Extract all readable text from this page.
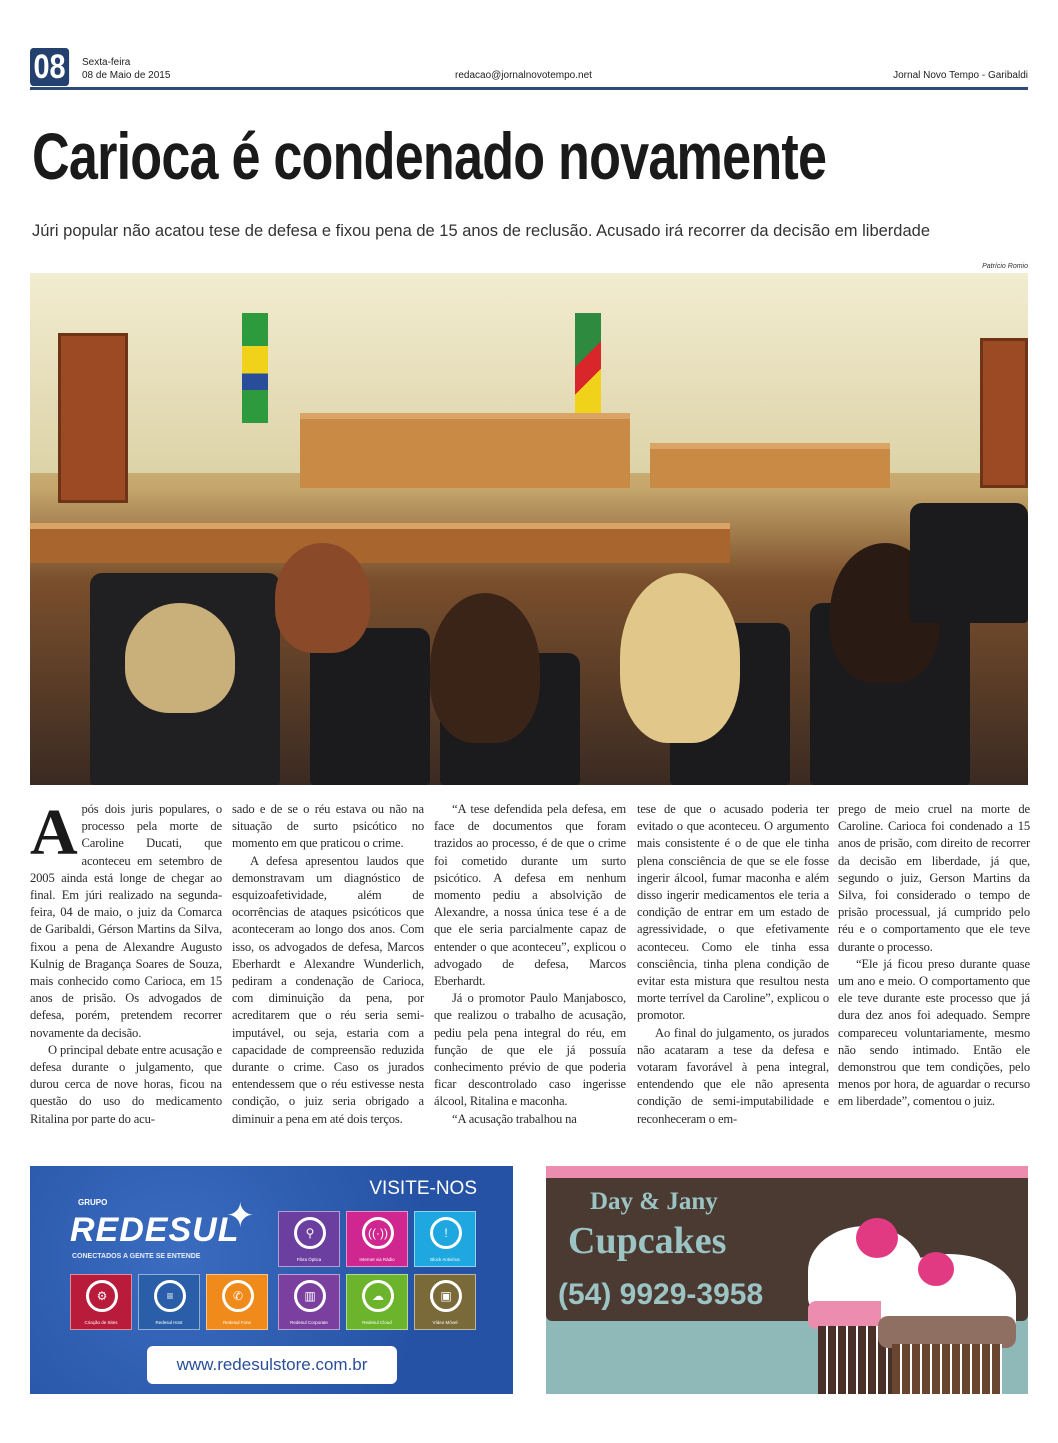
08	Sexta-feira
08 de Maio de 2015	redacao@jornalnovotempo.net	Jornal Novo Tempo - Garibaldi
Carioca é condenado novamente
Júri popular não acatou tese de defesa e fixou pena de 15 anos de reclusão. Acusado irá recorrer da decisão em liberdade
Patrício Romio

Após dois juris populares, o processo pela morte de Caroline Ducati, que aconteceu em setembro de 2005 ainda está longe de chegar ao final. Em júri realizado na segunda-feira, 04 de maio, o juiz da Comarca de Garibaldi, Gérson Martins da Silva, fixou a pena de Alexandre Augusto Kulnig de Bragança Soares de Souza, mais conhecido como Carioca, em 15 anos de prisão. Os advogados de defesa, porém, pretendem recorrer novamente da decisão.

O principal debate entre acusação e defesa durante o julgamento, que durou cerca de nove horas, ficou na questão do uso do medicamento Ritalina por parte do acu-

sado e de se o réu estava ou não na situação de surto psicótico no momento em que praticou o crime.

A defesa apresentou laudos que demonstravam um diagnóstico de esquizoafetividade, além de ocorrências de ataques psicóticos que aconteceram ao longo dos anos. Com isso, os advogados de defesa, Marcos Eberhardt e Alexandre Wunderlich, pediram a condenação de Carioca, com diminuição da pena, por acreditarem que o réu seria semi-imputável, ou seja, estaria com a capacidade de compreensão reduzida durante o crime. Caso os jurados entendessem que o réu estivesse nesta condição, o juiz seria obrigado a diminuir a pena em até dois terços.

“A tese defendida pela defesa, em face de documentos que foram trazidos ao processo, é de que o crime foi cometido durante um surto psicótico. A defesa em nenhum momento pediu a absolvição de Alexandre, a nossa única tese é a de que ele seria parcialmente capaz de entender o que aconteceu”, explicou o advogado de defesa, Marcos Eberhardt.

Já o promotor Paulo Manjabosco, que realizou o trabalho de acusação, pediu pela pena integral do réu, em função de que ele já possuía conhecimento prévio de que poderia ficar descontrolado caso ingerisse álcool, Ritalina e maconha.

“A acusação trabalhou na

tese de que o acusado poderia ter evitado o que aconteceu. O argumento mais consistente é o de que ele tinha plena consciência de que se ele fosse ingerir álcool, fumar maconha e além disso ingerir medicamentos ele teria a condição de entrar em um estado de agressividade, o que efetivamente aconteceu. Como ele tinha essa consciência, tinha plena condição de evitar esta mistura que resultou nesta morte terrível da Caroline”, explicou o promotor.

Ao final do julgamento, os jurados não acataram a tese da defesa e votaram favorável à pena integral, entendendo que ele não apresenta condição de semi-imputabilidade e reconheceram o em-

prego de meio cruel na morte de Caroline. Carioca foi condenado a 15 anos de prisão, com direito de recorrer da decisão em liberdade, já que, segundo o juiz, Gerson Martins da Silva, foi considerado o tempo de prisão processual, já cumprido pelo réu e o comportamento que ele teve durante o processo.

“Ele já ficou preso durante quase um ano e meio. O comportamento que ele teve durante este processo que já dura dez anos foi adequado. Sempre compareceu voluntariamente, mesmo não sendo intimado. Então ele demonstrou que tem condições, pelo menos por hora, de aguardar o recurso em liberdade”, comentou o juiz.

GRUPO
REDESUL
✦
CONECTADOS A GENTE SE ENTENDE
VISITE-NOS
⚲
Fibra Óptica
((·))
Internet via Rádio
!
Block Antivírus
⚙
Criação de Sites
≡
Redesul Host
✆
Redesul Fone
▥
Redesul Corporate
☁
Redesul Cloud
▣
Vídeo Móvel
www.redesulstore.com.br
Day & Jany
Cupcakes
(54) 9929-3958
